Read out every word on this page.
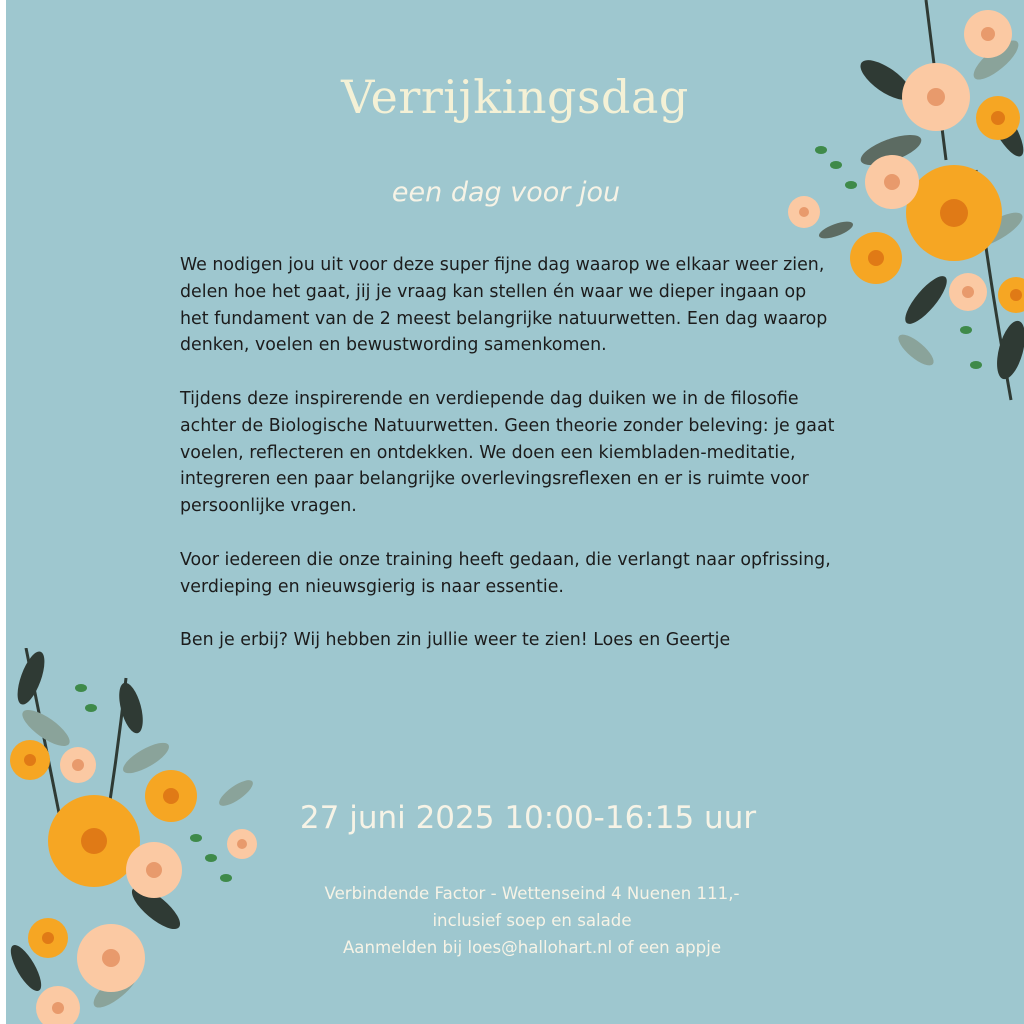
Verrijkingsdag
een dag voor jou

We nodigen jou uit voor deze super fijne dag waarop we elkaar weer zien, delen hoe het gaat, jij je vraag kan stellen én waar we dieper ingaan op het fundament van de 2 meest belangrijke natuurwetten. Een dag waarop denken, voelen en bewustwording samenkomen.

Tijdens deze inspirerende en verdiepende dag duiken we in de filosofie achter de Biologische Natuurwetten. Geen theorie zonder beleving: je gaat voelen, reflecteren en ontdekken. We doen een kiembladen-meditatie, integreren een paar belangrijke overlevingsreflexen en er is ruimte voor persoonlijke vragen.

Voor iedereen die onze training heeft gedaan, die verlangt naar opfrissing, verdieping en nieuwsgierig is naar essentie.

Ben je erbij? Wij hebben zin jullie weer te zien! Loes en Geertje

27 juni 2025 10:00-16:15 uur
Verbindende Factor - Wettenseind 4 Nuenen 111,-
inclusief soep en salade
Aanmelden bij loes@hallohart.nl of een appje
